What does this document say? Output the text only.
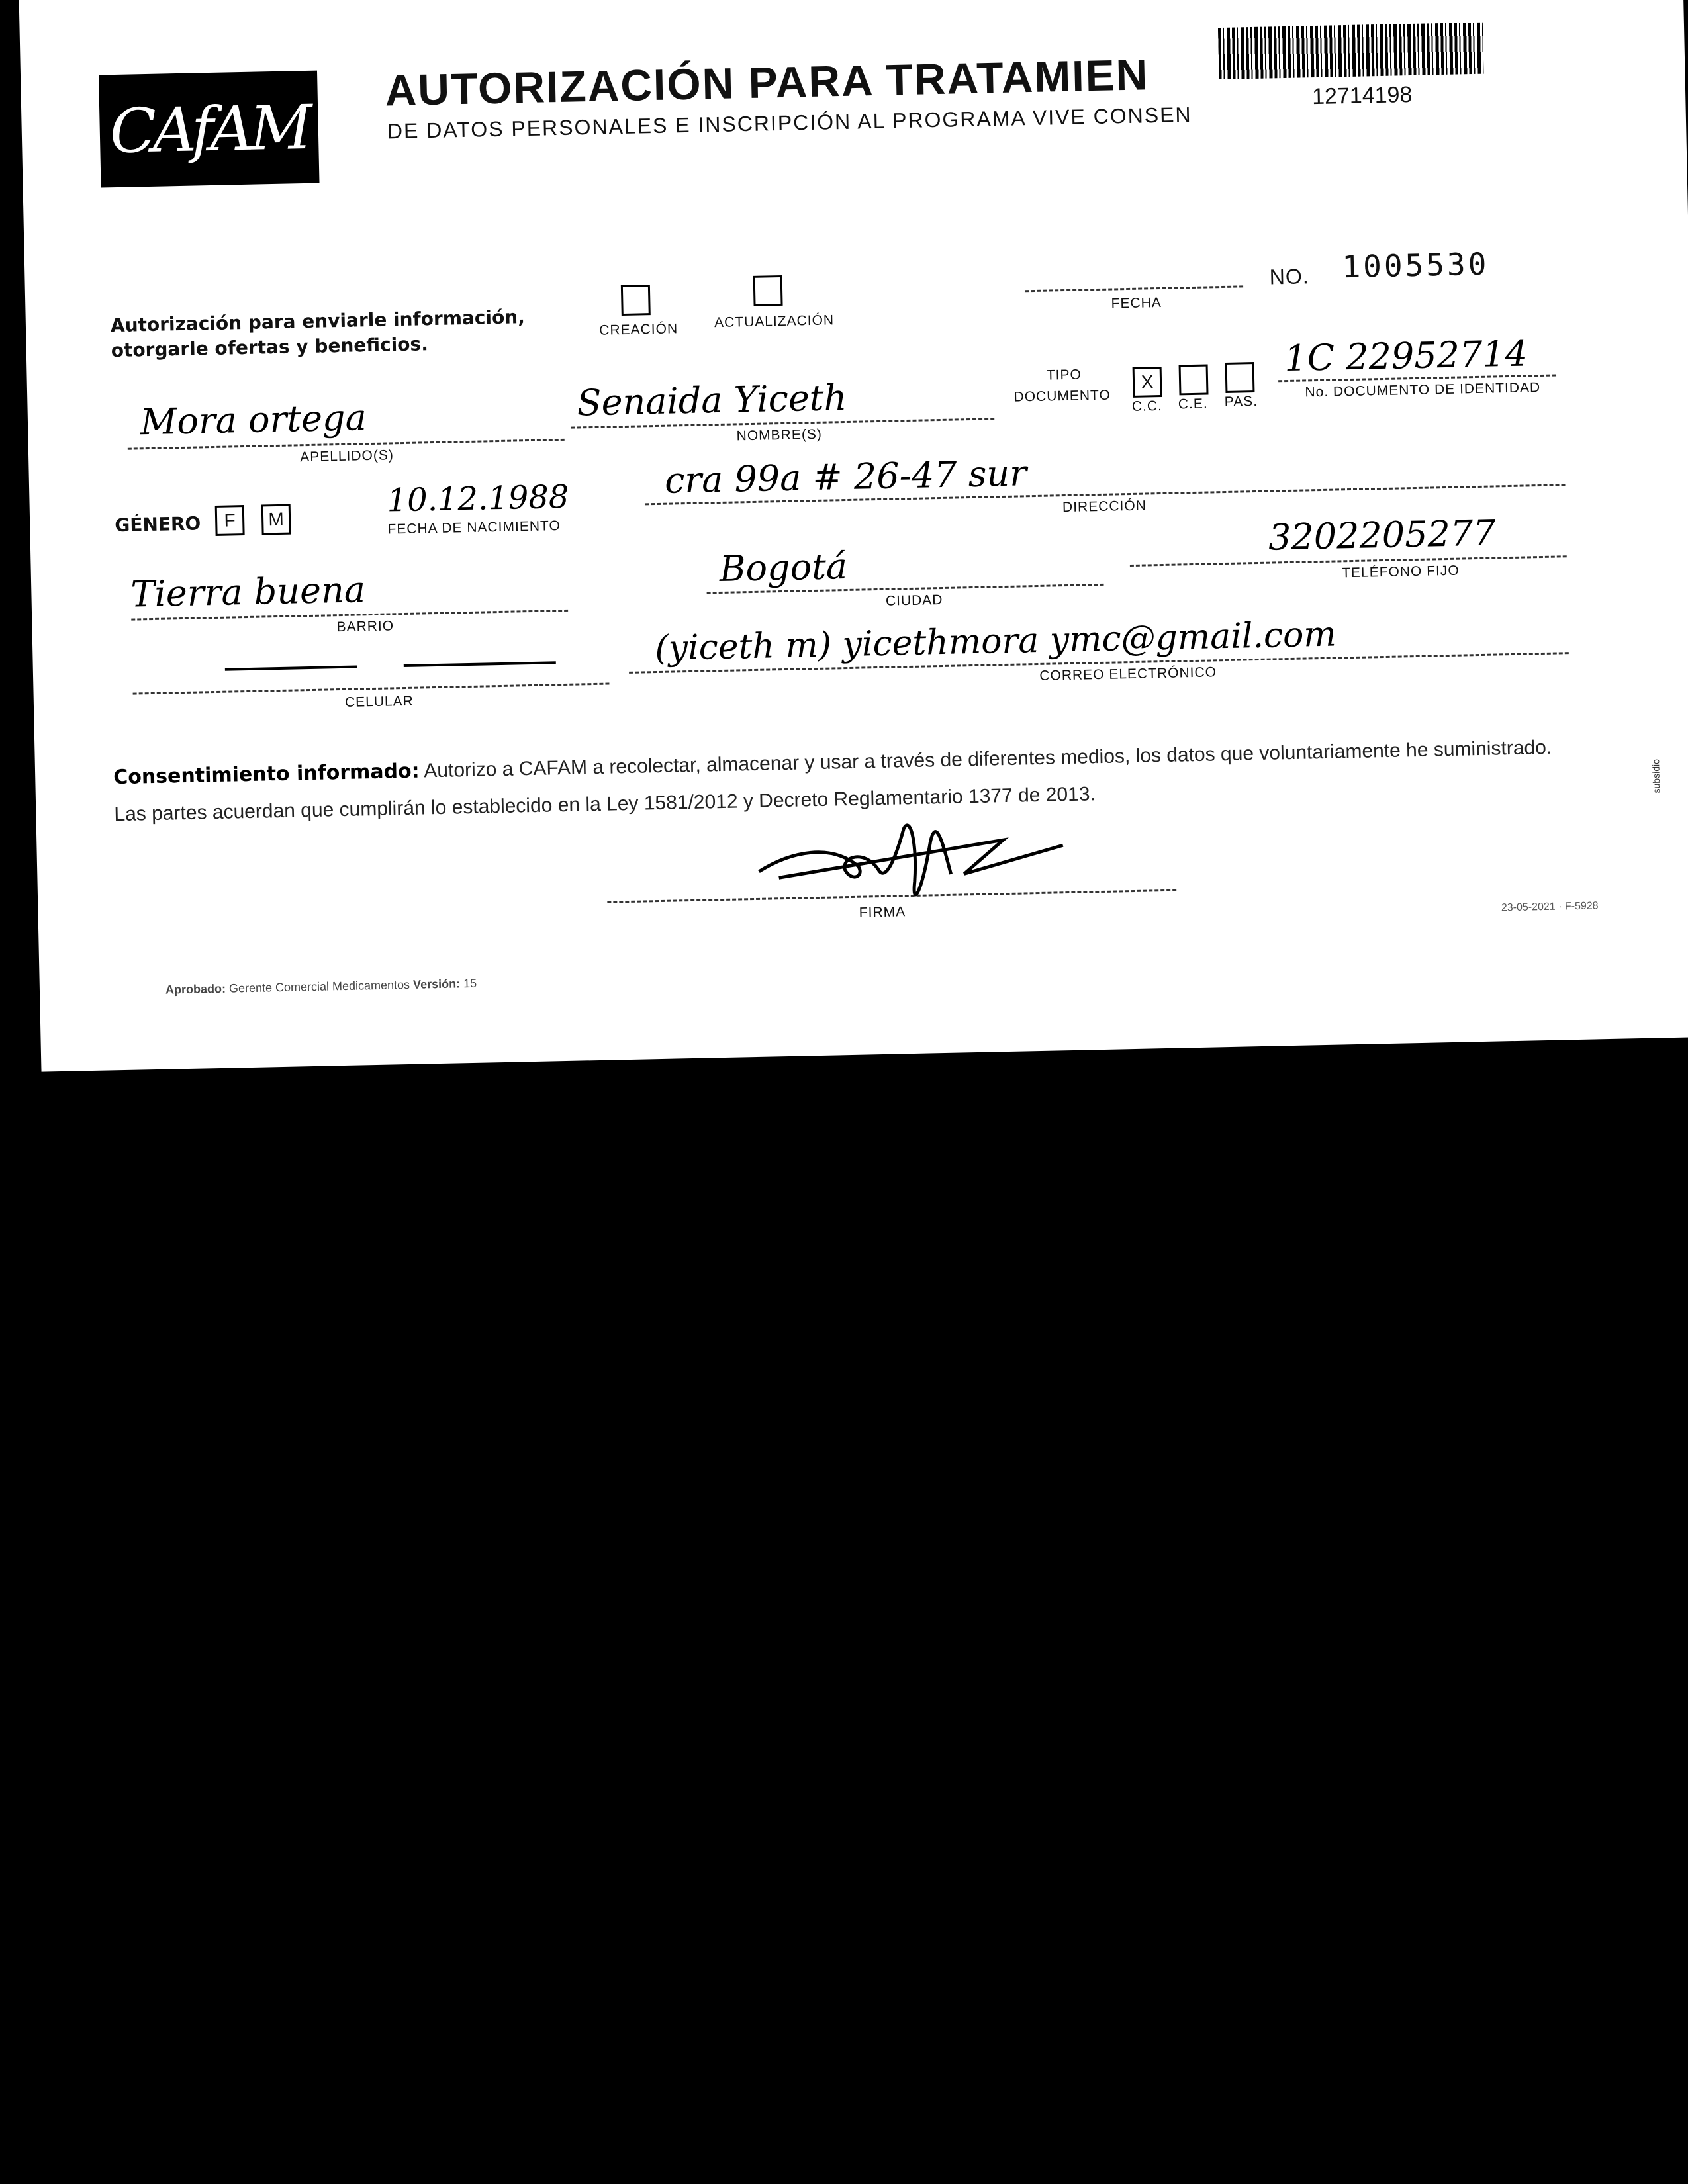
CAfAM
AUTORIZACIÓN PARA TRATAMIEN
DE DATOS PERSONALES E INSCRIPCIÓN AL PROGRAMA VIVE CONSEN
12714198
NO. 1005530
Autorización para enviarle información,
otorgarle ofertas y beneficios.
CREACIÓN	ACTUALIZACIÓN
FECHA
Mora ortega
APELLIDO(S)
Senaida Yiceth
NOMBRE(S)
TIPO
DOCUMENTO
X
C.C. C.E. PAS.
1C 22952714
No. DOCUMENTO DE IDENTIDAD
GÉNERO	F	M
10.12.1988
FECHA DE NACIMIENTO
cra 99a # 26-47 sur
DIRECCIÓN
Tierra buena
BARRIO
Bogotá
CIUDAD
3202205277
TELÉFONO FIJO
CELULAR
(yiceth m) yicethmora ymc@gmail.com
CORREO ELECTRÓNICO
Consentimiento informado: Autorizo a CAFAM a recolectar, almacenar y usar a través de diferentes medios, los datos que voluntariamente he suministrado.
Las partes acuerdan que cumplirán lo establecido en la Ley 1581/2012 y Decreto Reglamentario 1377 de 2013.
FIRMA
Aprobado: Gerente Comercial Medicamentos Versión: 15
23-05-2021 · F-5928
subsidio
